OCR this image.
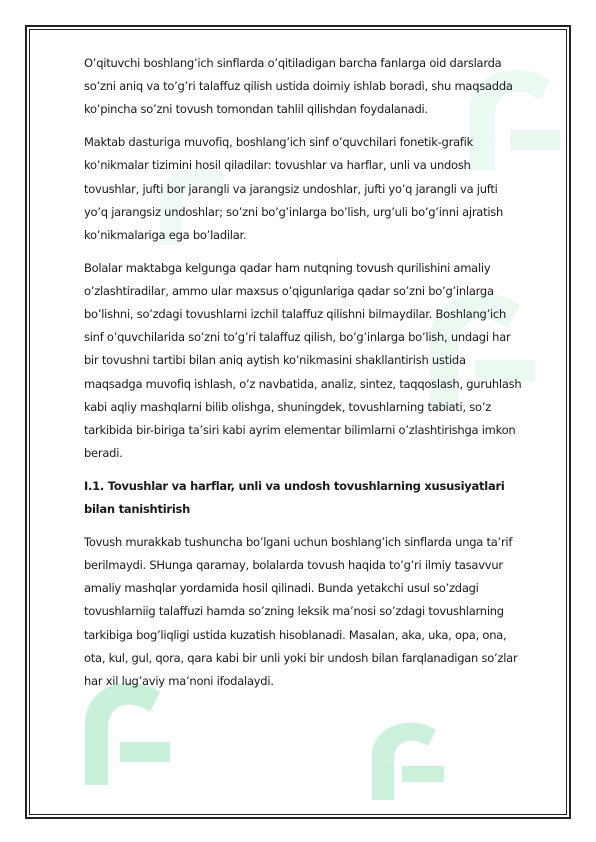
O’qituvchi boshlang’ich sinflarda o’qitiladigan barcha fanlarga oid darslarda so’zni aniq va to’g’ri talaffuz qilish ustida doimiy ishlab boradi, shu maqsadda ko’pincha so’zni tovush tomondan tahlil qilishdan foydalanadi.

Maktab dasturiga muvofiq, boshlang’ich sinf o’quvchilari fonetik-grafik ko’nikmalar tizimini hosil qiladilar: tovushlar va harflar, unli va undosh tovushlar, jufti bor jarangli va jarangsiz undoshlar, jufti yo’q jarangli va jufti yo’q jarangsiz undoshlar; so’zni bo’g’inlarga bo’lish, urg’uli bo’g’inni ajratish ko’nikmalariga ega bo’ladilar.

Bolalar maktabga kelgunga qadar ham nutqning tovush qurilishini amaliy o’zlashtiradilar, ammo ular maxsus o’qigunlariga qadar so’zni bo’g’inlarga bo’lishni, so’zdagi tovushlarni izchil talaffuz qilishni bilmaydilar. Boshlang’ich sinf o’quvchilarida so’zni to’g’ri talaffuz qilish, bo’g’inlarga bo’lish, undagi har bir tovushni tartibi bilan aniq aytish ko’nikmasini shakllantirish ustida maqsadga muvofiq ishlash, o’z navbatida, analiz, sintez, taqqoslash, guruhlash kabi aqliy mashqlarni bilib olishga, shuningdek, tovushlarning tabiati, so’z tarkibida bir-biriga ta’siri kabi ayrim elementar bilimlarni o’zlashtirishga imkon beradi.

I.1. Tovushlar va harflar, unli va undosh tovushlarning xususiyatlari bilan tanishtirish

Tovush murakkab tushuncha bo’lgani uchun boshlang’ich sinflarda unga ta’rif berilmaydi. SHunga qaramay, bolalarda tovush haqida to’g’ri ilmiy tasavvur amaliy mashqlar yordamida hosil qilinadi. Bunda yetakchi usul so’zdagi tovushlarniig talaffuzi hamda so’zning leksik ma’nosi so’zdagi tovushlarning tarkibiga bog’liqligi ustida kuzatish hisoblanadi. Masalan, aka, uka, opa, ona, ota, kul, gul, qora, qara kabi bir unli yoki bir undosh bilan farqlanadigan so’zlar har xil lug’aviy ma’noni ifodalaydi.
